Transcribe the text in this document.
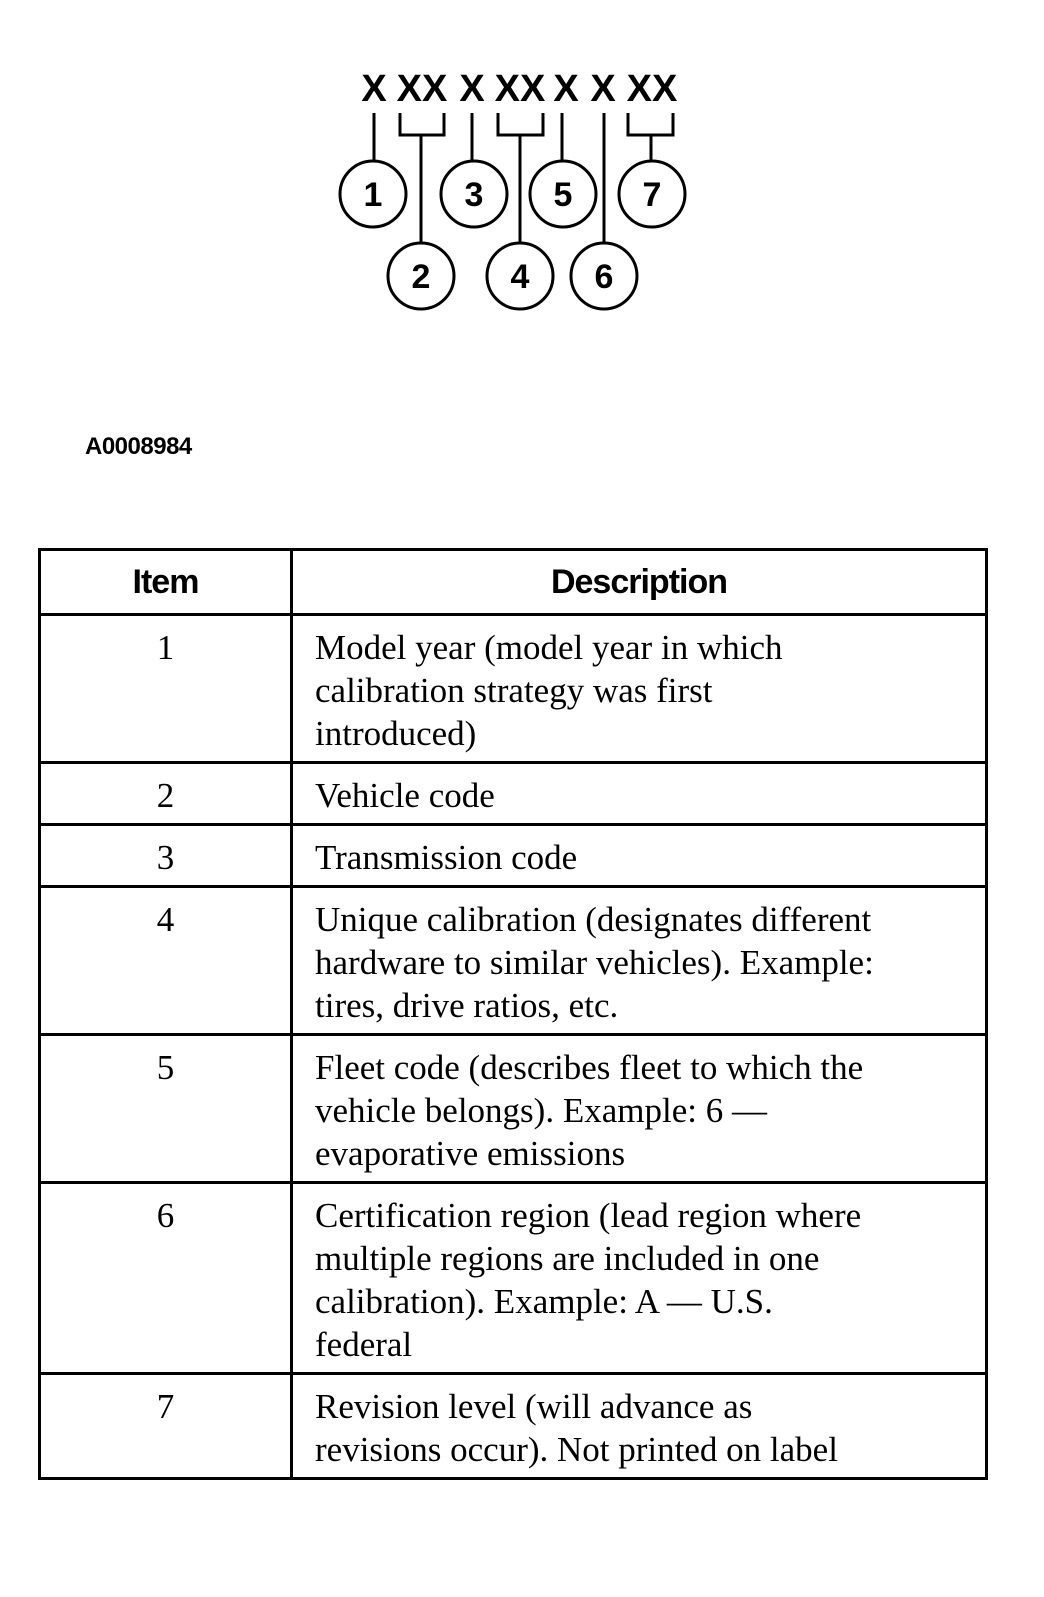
X XX X XX X X XX
1 3 5 7
2 4 6
A0008984
Item	Description
1	Model year (model year in which
calibration strategy was first
introduced)

2	Vehicle code

3	Transmission code

4	Unique calibration (designates different
hardware to similar vehicles). Example:
tires, drive ratios, etc.

5	Fleet code (describes fleet to which the
vehicle belongs). Example: 6 —
evaporative emissions

6	Certification region (lead region where
multiple regions are included in one
calibration). Example: A — U.S.
federal

7	Revision level (will advance as
revisions occur). Not printed on label
